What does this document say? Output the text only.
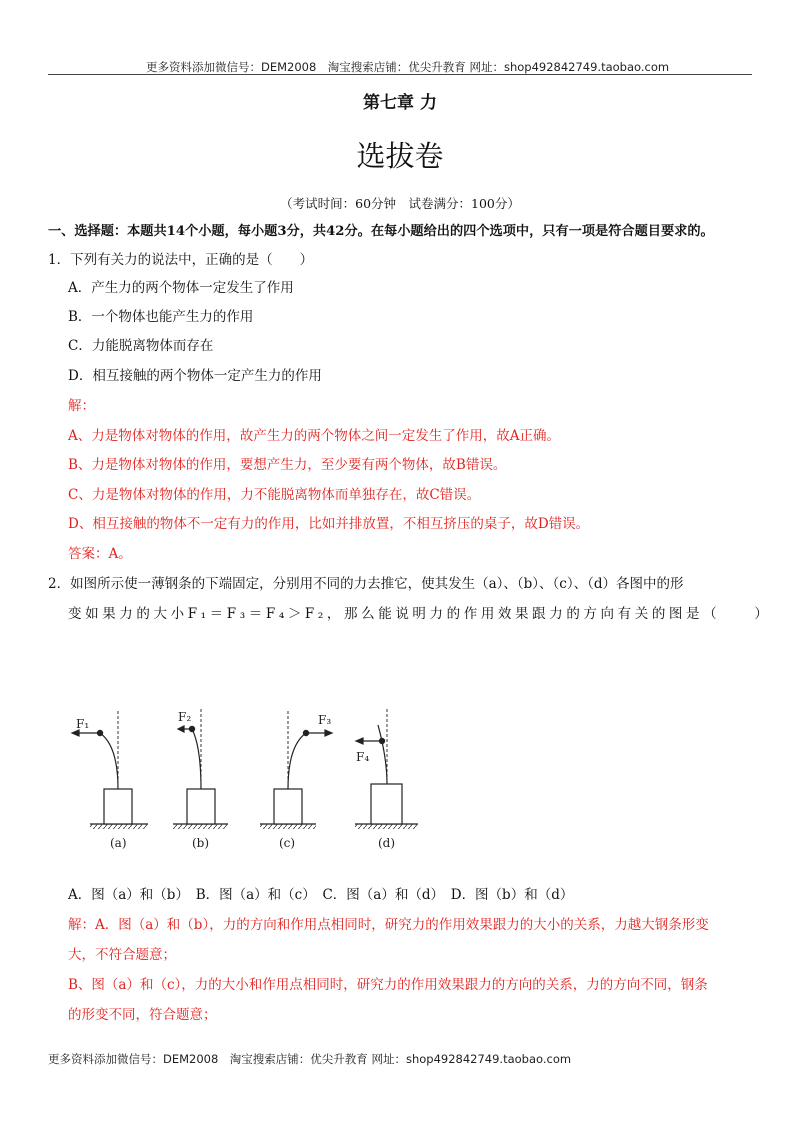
更多资料添加微信号：DEM2008　淘宝搜索店铺：优尖升教育 网址：shop492842749.taobao.com
第七章 力
选拔卷
（考试时间：60分钟　试卷满分：100分）
一、选择题：本题共14个小题，每小题3分，共42分。在每小题给出的四个选项中，只有一项是符合题目要求的。
1．下列有关力的说法中，正确的是（　　）
A．产生力的两个物体一定发生了作用
B．一个物体也能产生力的作用
C．力能脱离物体而存在
D．相互接触的两个物体一定产生力的作用
解：
A、力是物体对物体的作用，故产生力的两个物体之间一定发生了作用，故A正确。
B、力是物体对物体的作用，要想产生力，至少要有两个物体，故B错误。
C、力是物体对物体的作用，力不能脱离物体而单独存在，故C错误。
D、相互接触的物体不一定有力的作用，比如并排放置，不相互挤压的桌子，故D错误。
答案：A。
2．如图所示使一薄钢条的下端固定，分别用不同的力去推它，使其发生（a）、（b）、（c）、（d）各图中的形
变如果力的大小F₁＝F₃＝F₄＞F₂，那么能说明力的作用效果跟力的方向有关的图是（　　）
F₁	F₂	F₃
F₄
(a)	(b)	(c)	(d)
A．图（a）和（b）　B．图（a）和（c）　C．图（a）和（d）　D．图（b）和（d）
解：A．图（a）和（b），力的方向和作用点相同时，研究力的作用效果跟力的大小的关系，力越大钢条形变
大，不符合题意；
B、图（a）和（c），力的大小和作用点相同时，研究力的作用效果跟力的方向的关系，力的方向不同，钢条
的形变不同，符合题意；
更多资料添加微信号：DEM2008　淘宝搜索店铺：优尖升教育 网址：shop492842749.taobao.com
